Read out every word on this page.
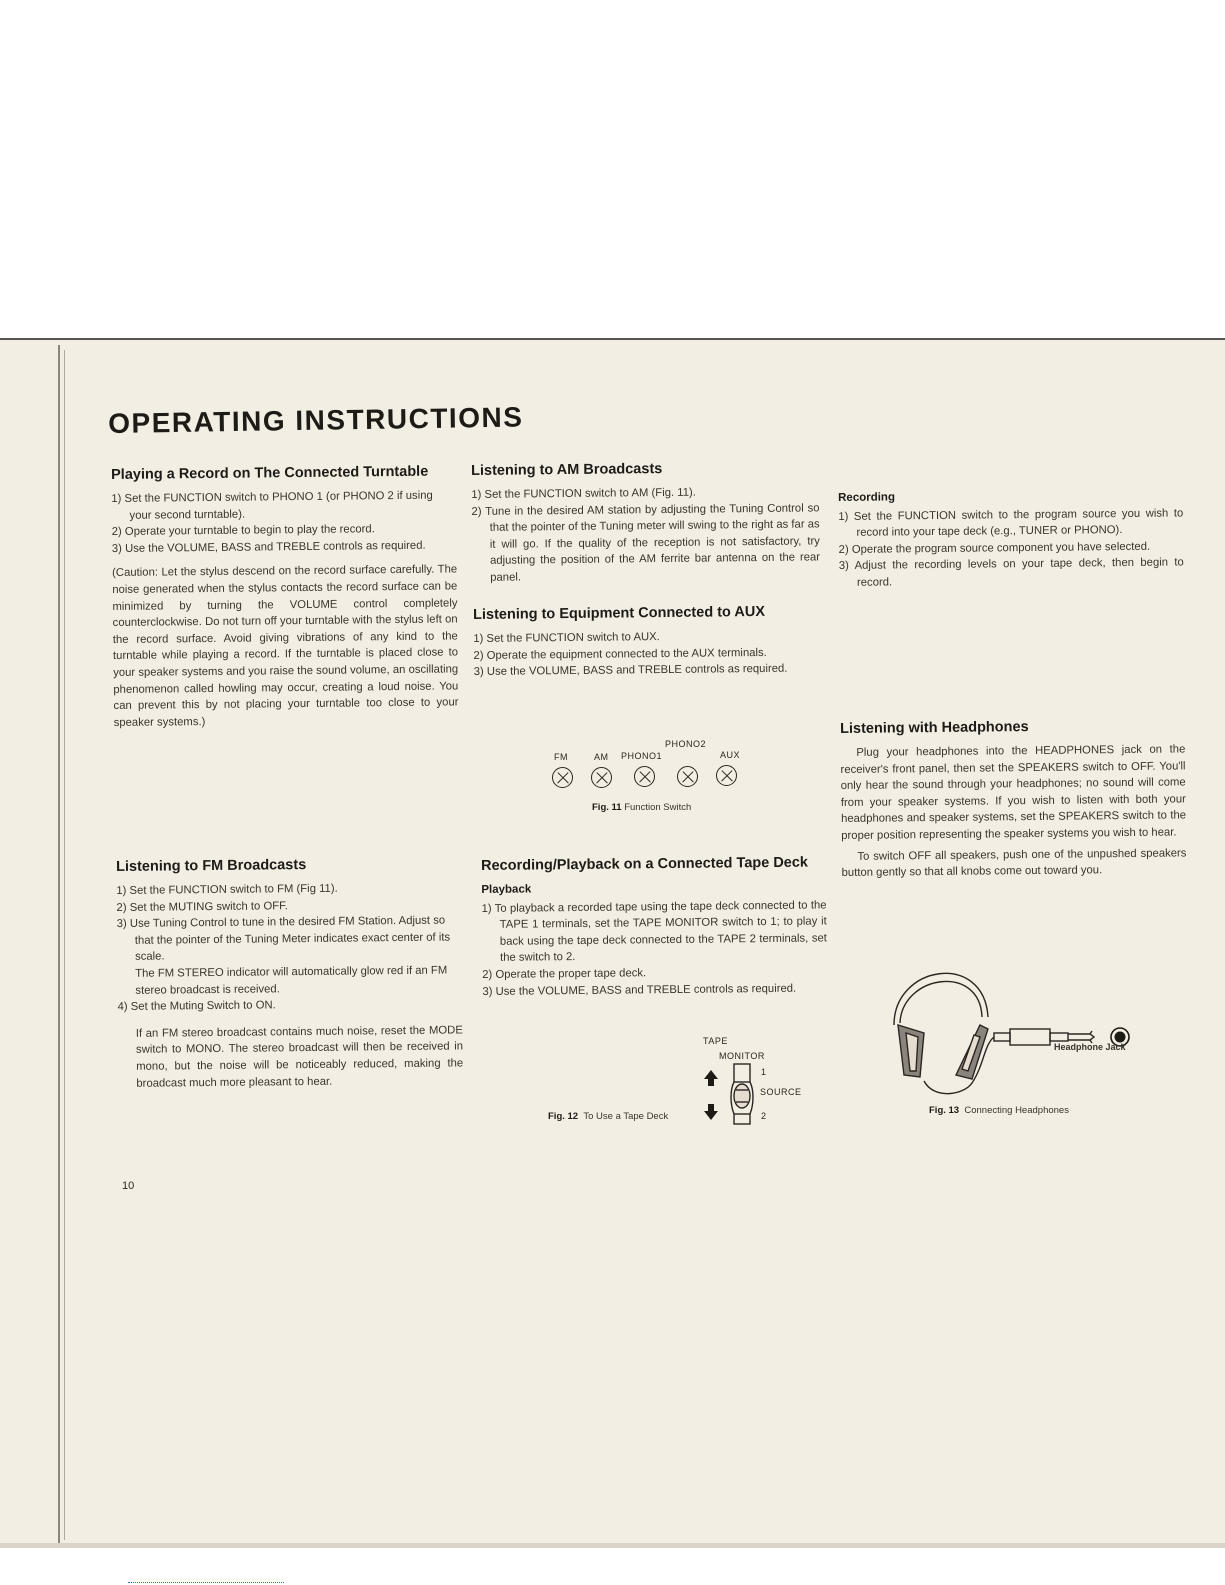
OPERATING INSTRUCTIONS
Playing a Record on The Connected Turntable
1) Set the FUNCTION switch to PHONO 1 (or PHONO 2 if using your second turntable).
2) Operate your turntable to begin to play the record.
3) Use the VOLUME, BASS and TREBLE controls as required.

(Caution: Let the stylus descend on the record surface carefully. The noise generated when the stylus contacts the record surface can be minimized by turning the VOLUME control completely counterclockwise. Do not turn off your turntable with the stylus left on the record surface. Avoid giving vibrations of any kind to the turntable while playing a record. If the turntable is placed close to your speaker systems and you raise the sound volume, an oscillating phenomenon called howling may occur, creating a loud noise. You can prevent this by not placing your turntable too close to your speaker systems.)

Listening to FM Broadcasts
1) Set the FUNCTION switch to FM (Fig 11).
2) Set the MUTING switch to OFF.
3) Use Tuning Control to tune in the desired FM Station. Adjust so that the pointer of the Tuning Meter indicates exact center of its scale.
The FM STEREO indicator will automatically glow red if an FM stereo broadcast is received.
4) Set the Muting Switch to ON.

If an FM stereo broadcast contains much noise, reset the MODE switch to MONO. The stereo broadcast will then be received in mono, but the noise will be noticeably reduced, making the broadcast much more pleasant to hear.

Listening to AM Broadcasts
1) Set the FUNCTION switch to AM (Fig. 11).
2) Tune in the desired AM station by adjusting the Tuning Control so that the pointer of the Tuning meter will swing to the right as far as it will go. If the quality of the reception is not satisfactory, try adjusting the position of the AM ferrite bar antenna on the rear panel.
Listening to Equipment Connected to AUX
1) Set the FUNCTION switch to AUX.
2) Operate the equipment connected to the AUX terminals.
3) Use the VOLUME, BASS and TREBLE controls as required.
PHONO2
FM	AM PHONO1	AUX
Fig. 11 Function Switch
Recording/Playback on a Connected Tape Deck
Playback
1) To playback a recorded tape using the tape deck connected to the TAPE 1 terminals, set the TAPE MONITOR switch to 1; to play it back using the tape deck connected to the TAPE 2 terminals, set the switch to 2.
2) Operate the proper tape deck.
3) Use the VOLUME, BASS and TREBLE controls as required.
TAPE
MONITOR
1
SOURCE
2
Fig. 12 To Use a Tape Deck
Recording
1) Set the FUNCTION switch to the program source you wish to record into your tape deck (e.g., TUNER or PHONO).
2) Operate the program source component you have selected.
3) Adjust the recording levels on your tape deck, then begin to record.
Listening with Headphones

Plug your headphones into the HEADPHONES jack on the receiver's front panel, then set the SPEAKERS switch to OFF. You'll only hear the sound through your headphones; no sound will come from your speaker systems. If you wish to listen with both your headphones and speaker systems, set the SPEAKERS switch to the proper position representing the speaker systems you wish to hear.

To switch OFF all speakers, push one of the unpushed speakers button gently so that all knobs come out toward you.

Headphone Jack
Fig. 13 Connecting Headphones
10
